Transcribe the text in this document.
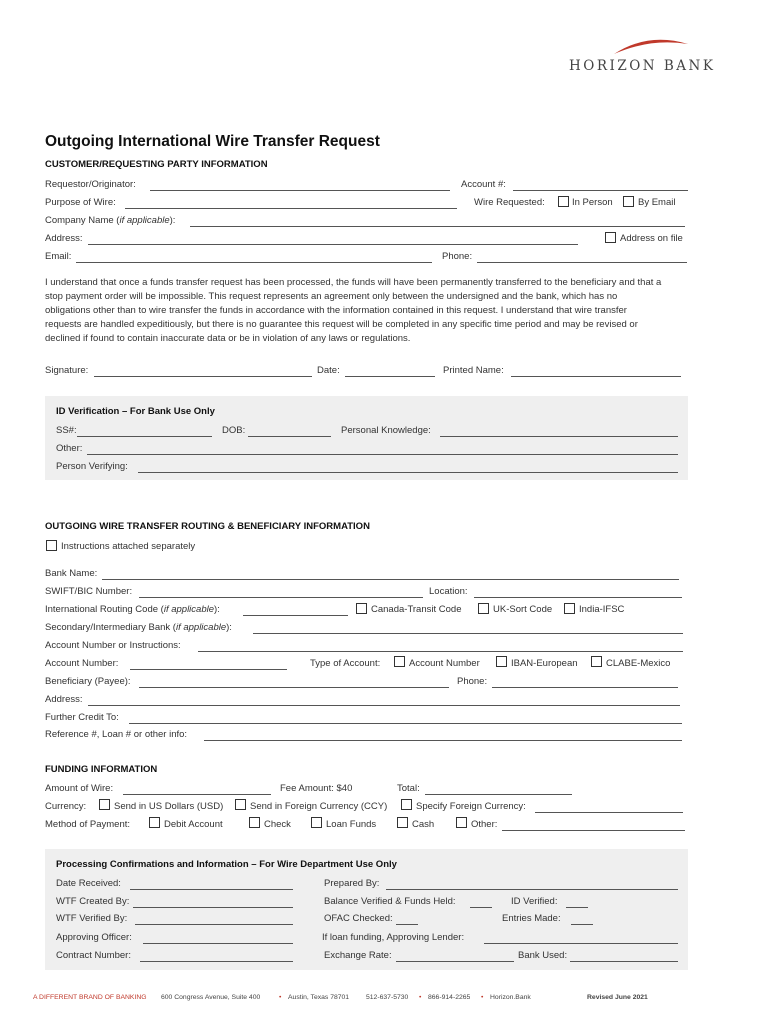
HORIZON BANK
Outgoing International Wire Transfer Request
CUSTOMER/REQUESTING PARTY INFORMATION
Requestor/Originator:	Account #:
Purpose of Wire:	Wire Requested:	In Person	By Email
Company Name (if applicable):
Address:	Address on file
Email:	Phone:
I understand that once a funds transfer request has been processed, the funds will have been permanently transferred to the beneficiary and that a
stop payment order will be impossible. This request represents an agreement only between the undersigned and the bank, which has no
obligations other than to wire transfer the funds in accordance with the information contained in this request. I understand that wire transfer
requests are handled expeditiously, but there is no guarantee this request will be completed in any specific time period and may be revised or
declined if found to contain inaccurate data or be in violation of any laws or regulations.
Signature:	Date:	Printed Name:
ID Verification – For Bank Use Only
SS#:	DOB:	Personal Knowledge:
Other:
Person Verifying:
OUTGOING WIRE TRANSFER ROUTING & BENEFICIARY INFORMATION
Instructions attached separately
Bank Name:
SWIFT/BIC Number:	Location:
International Routing Code (if applicable):	Canada-Transit Code	UK-Sort Code	India-IFSC
Secondary/Intermediary Bank (if applicable):
Account Number or Instructions:
Account Number:	Type of Account:	Account Number	IBAN-European	CLABE-Mexico
Beneficiary (Payee):	Phone:
Address:
Further Credit To:
Reference #, Loan # or other info:
FUNDING INFORMATION
Amount of Wire:	Fee Amount: $40	Total:
Currency:	Send in US Dollars (USD)	Send in Foreign Currency (CCY)	Specify Foreign Currency:
Method of Payment:	Debit Account	Check	Loan Funds	Cash	Other:
Processing Confirmations and Information – For Wire Department Use Only
Date Received:	Prepared By:
WTF Created By:	Balance Verified & Funds Held:	ID Verified:
WTF Verified By:	OFAC Checked:	Entries Made:
Approving Officer:	If loan funding, Approving Lender:
Contract Number:	Exchange Rate:	Bank Used:
A DIFFERENT BRAND OF BANKING 600 Congress Avenue, Suite 400	• Austin, Texas 78701 512-637-5730 • 866-914-2265 • Horizon.Bank	Revised June 2021
